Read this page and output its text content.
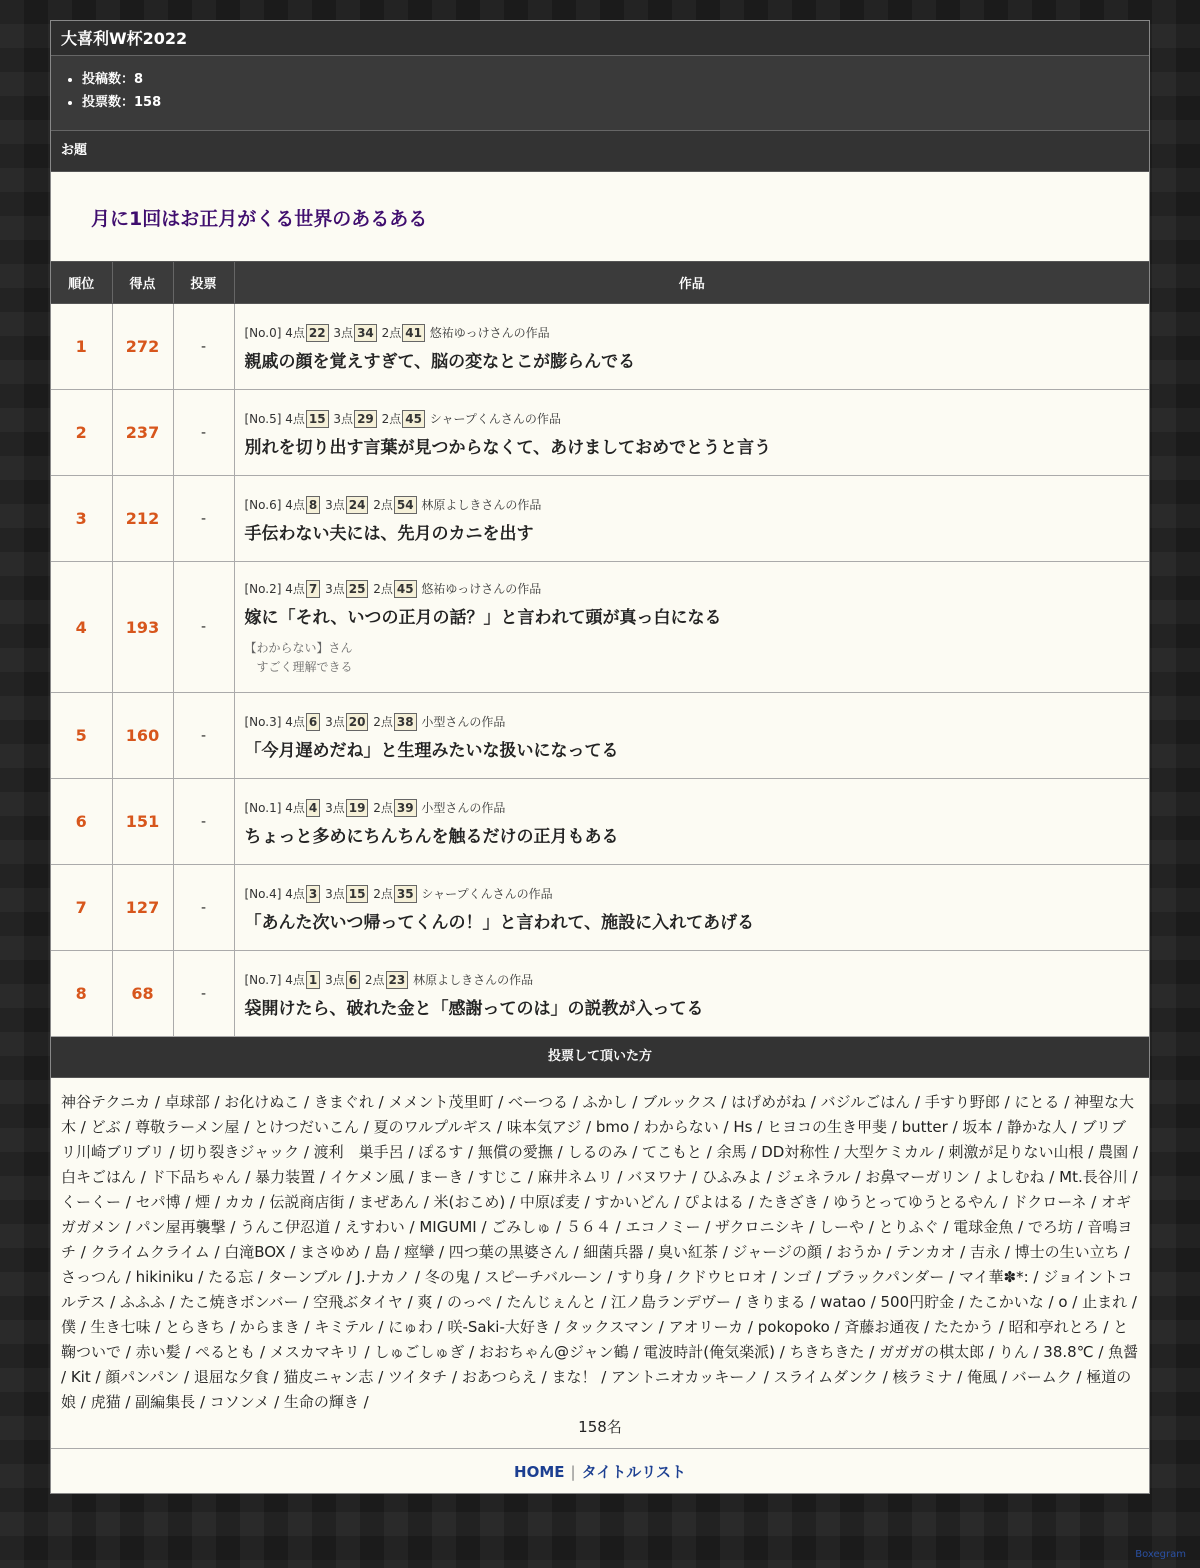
大喜利W杯2022
• 投稿数：8
• 投票数：158
お題
月に1回はお正月がくる世界のあるある
順位	得点	投票	作品
1	272	-	[No.0] 4点 22 3点 34 2点 41 悠祐ゆっけさんの作品
親戚の顔を覚えすぎて、脳の変なとこが膨らんでる

2	237	-	[No.5] 4点 15 3点 29 2点 45 シャープくんさんの作品
別れを切り出す言葉が見つからなくて、あけましておめでとうと言う

3	212	-	[No.6] 4点 8 3点 24 2点 54 林原よしきさんの作品
手伝わない夫には、先月のカニを出す

4	193	-	[No.2] 4点 7 3点 25 2点 45 悠祐ゆっけさんの作品
嫁に「それ、いつの正月の話？」と言われて頭が真っ白になる
【わからない】さん
すごく理解できる

5	160	-	[No.3] 4点 6 3点 20 2点 38 小型さんの作品
「今月遅めだね」と生理みたいな扱いになってる

6	151	-	[No.1] 4点 4 3点 19 2点 39 小型さんの作品
ちょっと多めにちんちんを触るだけの正月もある

7	127	-	[No.4] 4点 3 3点 15 2点 35 シャープくんさんの作品
「あんた次いつ帰ってくんの！」と言われて、施設に入れてあげる

8	68	-	[No.7] 4点 1 3点 6 2点 23 林原よしきさんの作品
袋開けたら、破れた金と「感謝ってのは」の説教が入ってる
投票して頂いた方
神谷テクニカ / 卓球部 / お化けぬこ / きまぐれ / メメント茂里町 / べーつる / ふかし / ブルックス / はげめがね / バジルごはん / 手すり野郎 / にとる / 神聖な大木 / どぶ / 尊敬ラーメン屋 / とけつだいこん / 夏のワルプルギス / 味本気アジ / bmo / わからない / Hs / ヒヨコの生き甲斐 / butter / 坂本 / 静かな人 / ブリブリ川崎ブリブリ / 切り裂きジャック / 渡利　巣手呂 / ぽるす / 無償の愛撫 / しるのみ / てこもと / 余馬 / DD対称性 / 大型ケミカル / 刺激が足りない山根 / 農園 / 白キごはん / ド下品ちゃん / 暴力装置 / イケメン風 / まーき / すじこ / 麻井ネムリ / バヌワナ / ひふみよ / ジェネラル / お鼻マーガリン / よしむね / Mt.長谷川 / くーくー / セパ博 / 煙 / カカ / 伝説商店街 / まぜあん / 米(おこめ) / 中原ぽ麦 / すかいどん / ぴよはる / たきざき / ゆうとってゆうとるやん / ドクローネ / オギガガメン / パン屋再襲撃 / うんこ伊忍道 / えすわい / MIGUMI / ごみしゅ / ５６４ / エコノミー / ザクロニシキ / しーや / とりふぐ / 電球金魚 / でろ坊 / 音鳴ヨチ / クライムクライム / 白滝BOX / まさゆめ / 島 / 痙攣 / 四つ葉の黒婆さん / 細菌兵器 / 臭い紅茶 / ジャージの顔 / おうか / テンカオ / 吉永 / 博士の生い立ち / さっつん / hikiniku / たる忘 / ターンブル / J.ナカノ / 冬の鬼 / スピーチバルーン / すり身 / クドウヒロオ / ンゴ / ブラックパンダー / マイ華✽*: / ジョイントコルテス / ふふふ / たこ焼きボンバー / 空飛ぶタイヤ / 爽 / のっぺ / たんじぇんと / 江ノ島ランデヴー / きりまる / watao / 500円貯金 / たこかいな / o / 止まれ / 僕 / 生き七味 / とらきち / からまき / キミテル / にゅわ / 咲-Saki-大好き / タックスマン / アオリーカ / pokopoko / 斉藤お通夜 / たたかう / 昭和亭れとろ / と鞠ついで / 赤い髪 / ぺるとも / メスカマキリ / しゅごしゅぎ / おおちゃん@ジャン鶴 / 電波時計(俺気楽派) / ちきちきた / ガガガの棋太郎 / りん / 38.8℃ / 魚醤 / Kit / 顔パンパン / 退屈な夕食 / 猫皮ニャン志 / ツイタチ / おあつらえ / まな！ / アントニオカッキーノ / スライムダンク / 核ラミナ / 俺風 / バームク / 極道の娘 / 虎猫 / 副編集長 / コソンメ / 生命の輝き /
158名
HOME | タイトルリスト
Boxegram
